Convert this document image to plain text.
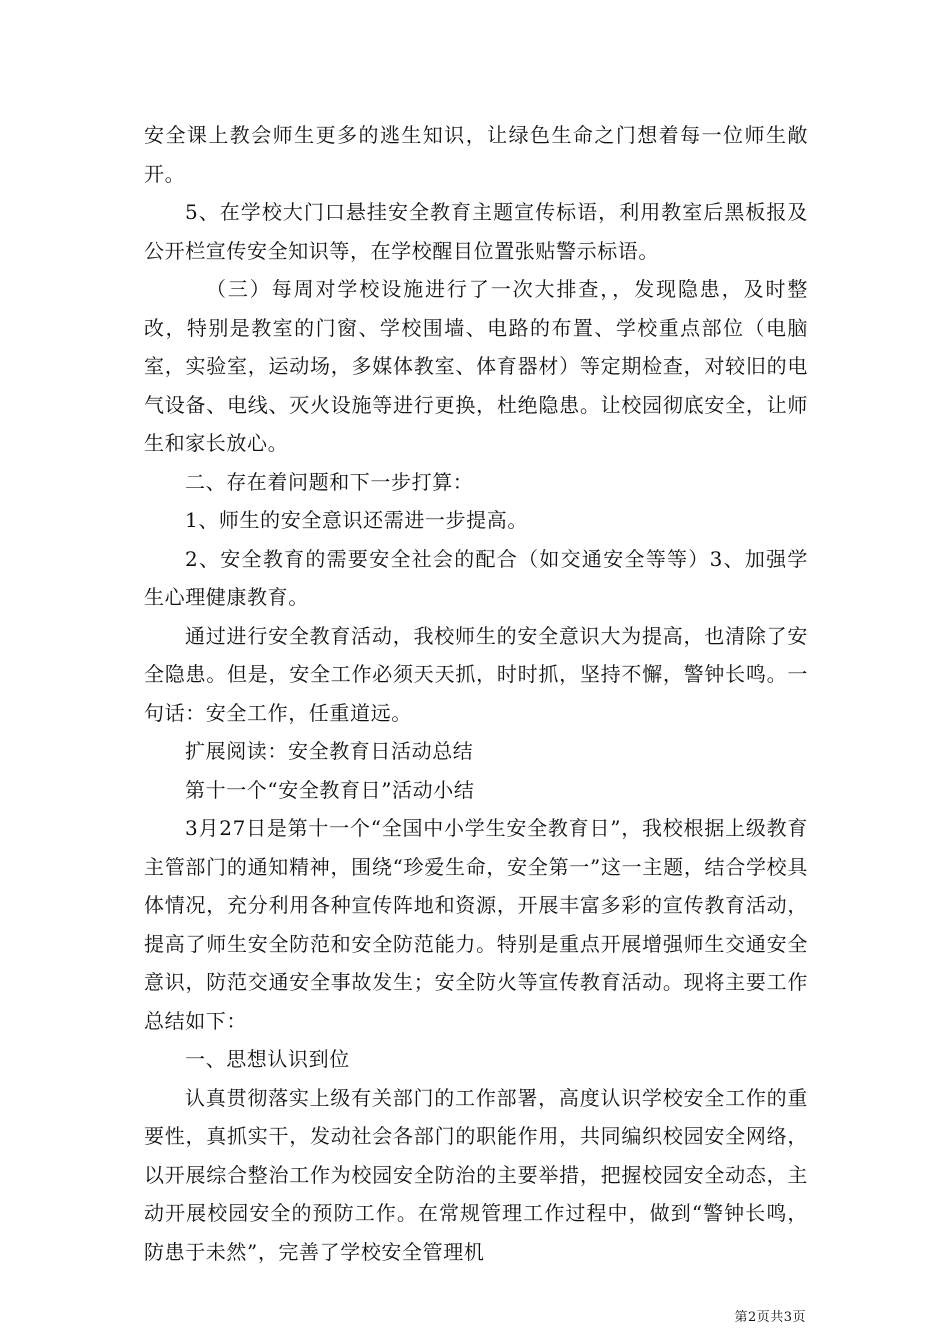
安全课上教会师生更多的逃生知识，让绿色生命之门想着每一位师生敞开。

5、在学校大门口悬挂安全教育主题宣传标语，利用教室后黑板报及公开栏宣传安全知识等，在学校醒目位置张贴警示标语。

（三）每周对学校设施进行了一次大排查，，发现隐患，及时整改，特别是教室的门窗、学校围墙、电路的布置、学校重点部位（电脑室，实验室，运动场，多媒体教室、体育器材）等定期检查，对较旧的电气设备、电线、灭火设施等进行更换，杜绝隐患。让校园彻底安全，让师生和家长放心。

二、存在着问题和下一步打算：

1、师生的安全意识还需进一步提高。

2、安全教育的需要安全社会的配合（如交通安全等等）3、加强学生心理健康教育。

通过进行安全教育活动，我校师生的安全意识大为提高，也清除了安全隐患。但是，安全工作必须天天抓，时时抓，坚持不懈，警钟长鸣。一句话：安全工作，任重道远。

扩展阅读：安全教育日活动总结

第十一个“安全教育日”活动小结

3月27日是第十一个“全国中小学生安全教育日”，我校根据上级教育主管部门的通知精神，围绕“珍爱生命，安全第一”这一主题，结合学校具体情况，充分利用各种宣传阵地和资源，开展丰富多彩的宣传教育活动，提高了师生安全防范和安全防范能力。特别是重点开展增强师生交通安全意识，防范交通安全事故发生；安全防火等宣传教育活动。现将主要工作总结如下：

一、思想认识到位

认真贯彻落实上级有关部门的工作部署，高度认识学校安全工作的重要性，真抓实干，发动社会各部门的职能作用，共同编织校园安全网络，以开展综合整治工作为校园安全防治的主要举措，把握校园安全动态，主动开展校园安全的预防工作。在常规管理工作过程中，做到“警钟长鸣，防患于未然”，完善了学校安全管理机

第2页共3页
